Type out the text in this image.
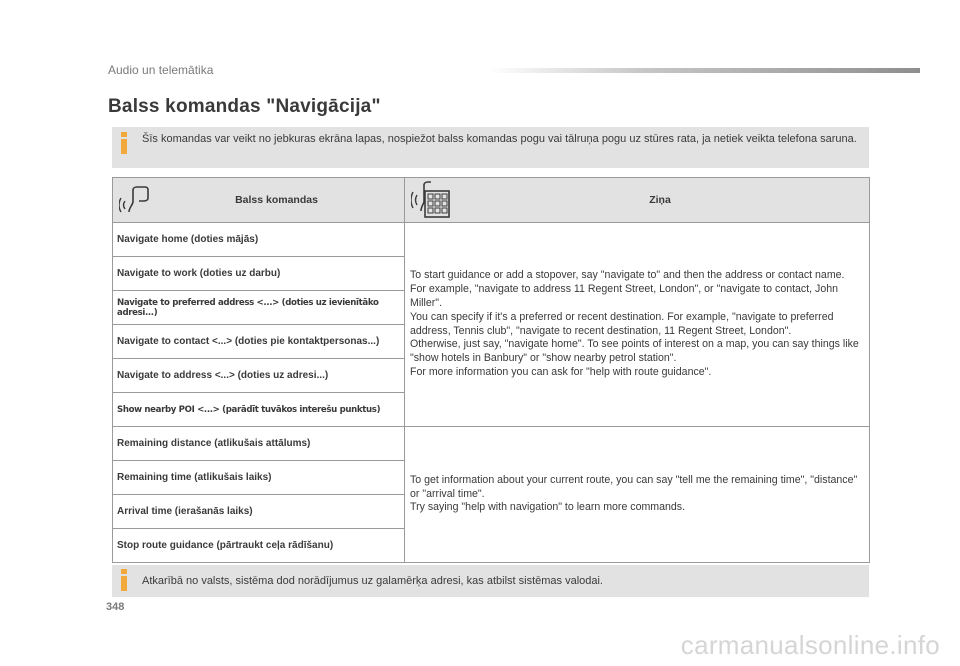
Audio un telemātika
Balss komandas "Navigācija"
Šīs komandas var veikt no jebkuras ekrāna lapas, nospiežot balss komandas pogu vai tālruņa pogu uz stūres rata, ja netiek veikta telefona saruna.
Balss komandas	Ziņa

Navigate home (doties mājās)	To start guidance or add a stopover, say "navigate to" and then the address or contact name.
For example, "navigate to address 11 Regent Street, London", or "navigate to contact, John Miller".
You can specify if it's a preferred or recent destination. For example, "navigate to preferred address, Tennis club", "navigate to recent destination, 11 Regent Street, London".
Otherwise, just say, "navigate home". To see points of interest on a map, you can say things like "show hotels in Banbury" or "show nearby petrol station".
For more information you can ask for "help with route guidance".

Navigate to work (doties uz darbu)	
Navigate to preferred address <...> (doties uz ievienītāko adresi...)	
Navigate to contact <...> (doties pie kontaktpersonas...)	
Navigate to address <...> (doties uz adresi...)	
Show nearby POI <...> (parādīt tuvākos interešu punktus)	
Remaining distance (atlikušais attālums)	To get information about your current route, you can say "tell me the remaining time", "distance" or "arrival time".
Try saying "help with navigation" to learn more commands.

Remaining time (atlikušais laiks)	
Arrival time (ierašanās laiks)	
Stop route guidance (pārtraukt ceļa rādīšanu)	
Atkarībā no valsts, sistēma dod norādījumus uz galamērķa adresi, kas atbilst sistēmas valodai.
348
carmanualsonline.info
